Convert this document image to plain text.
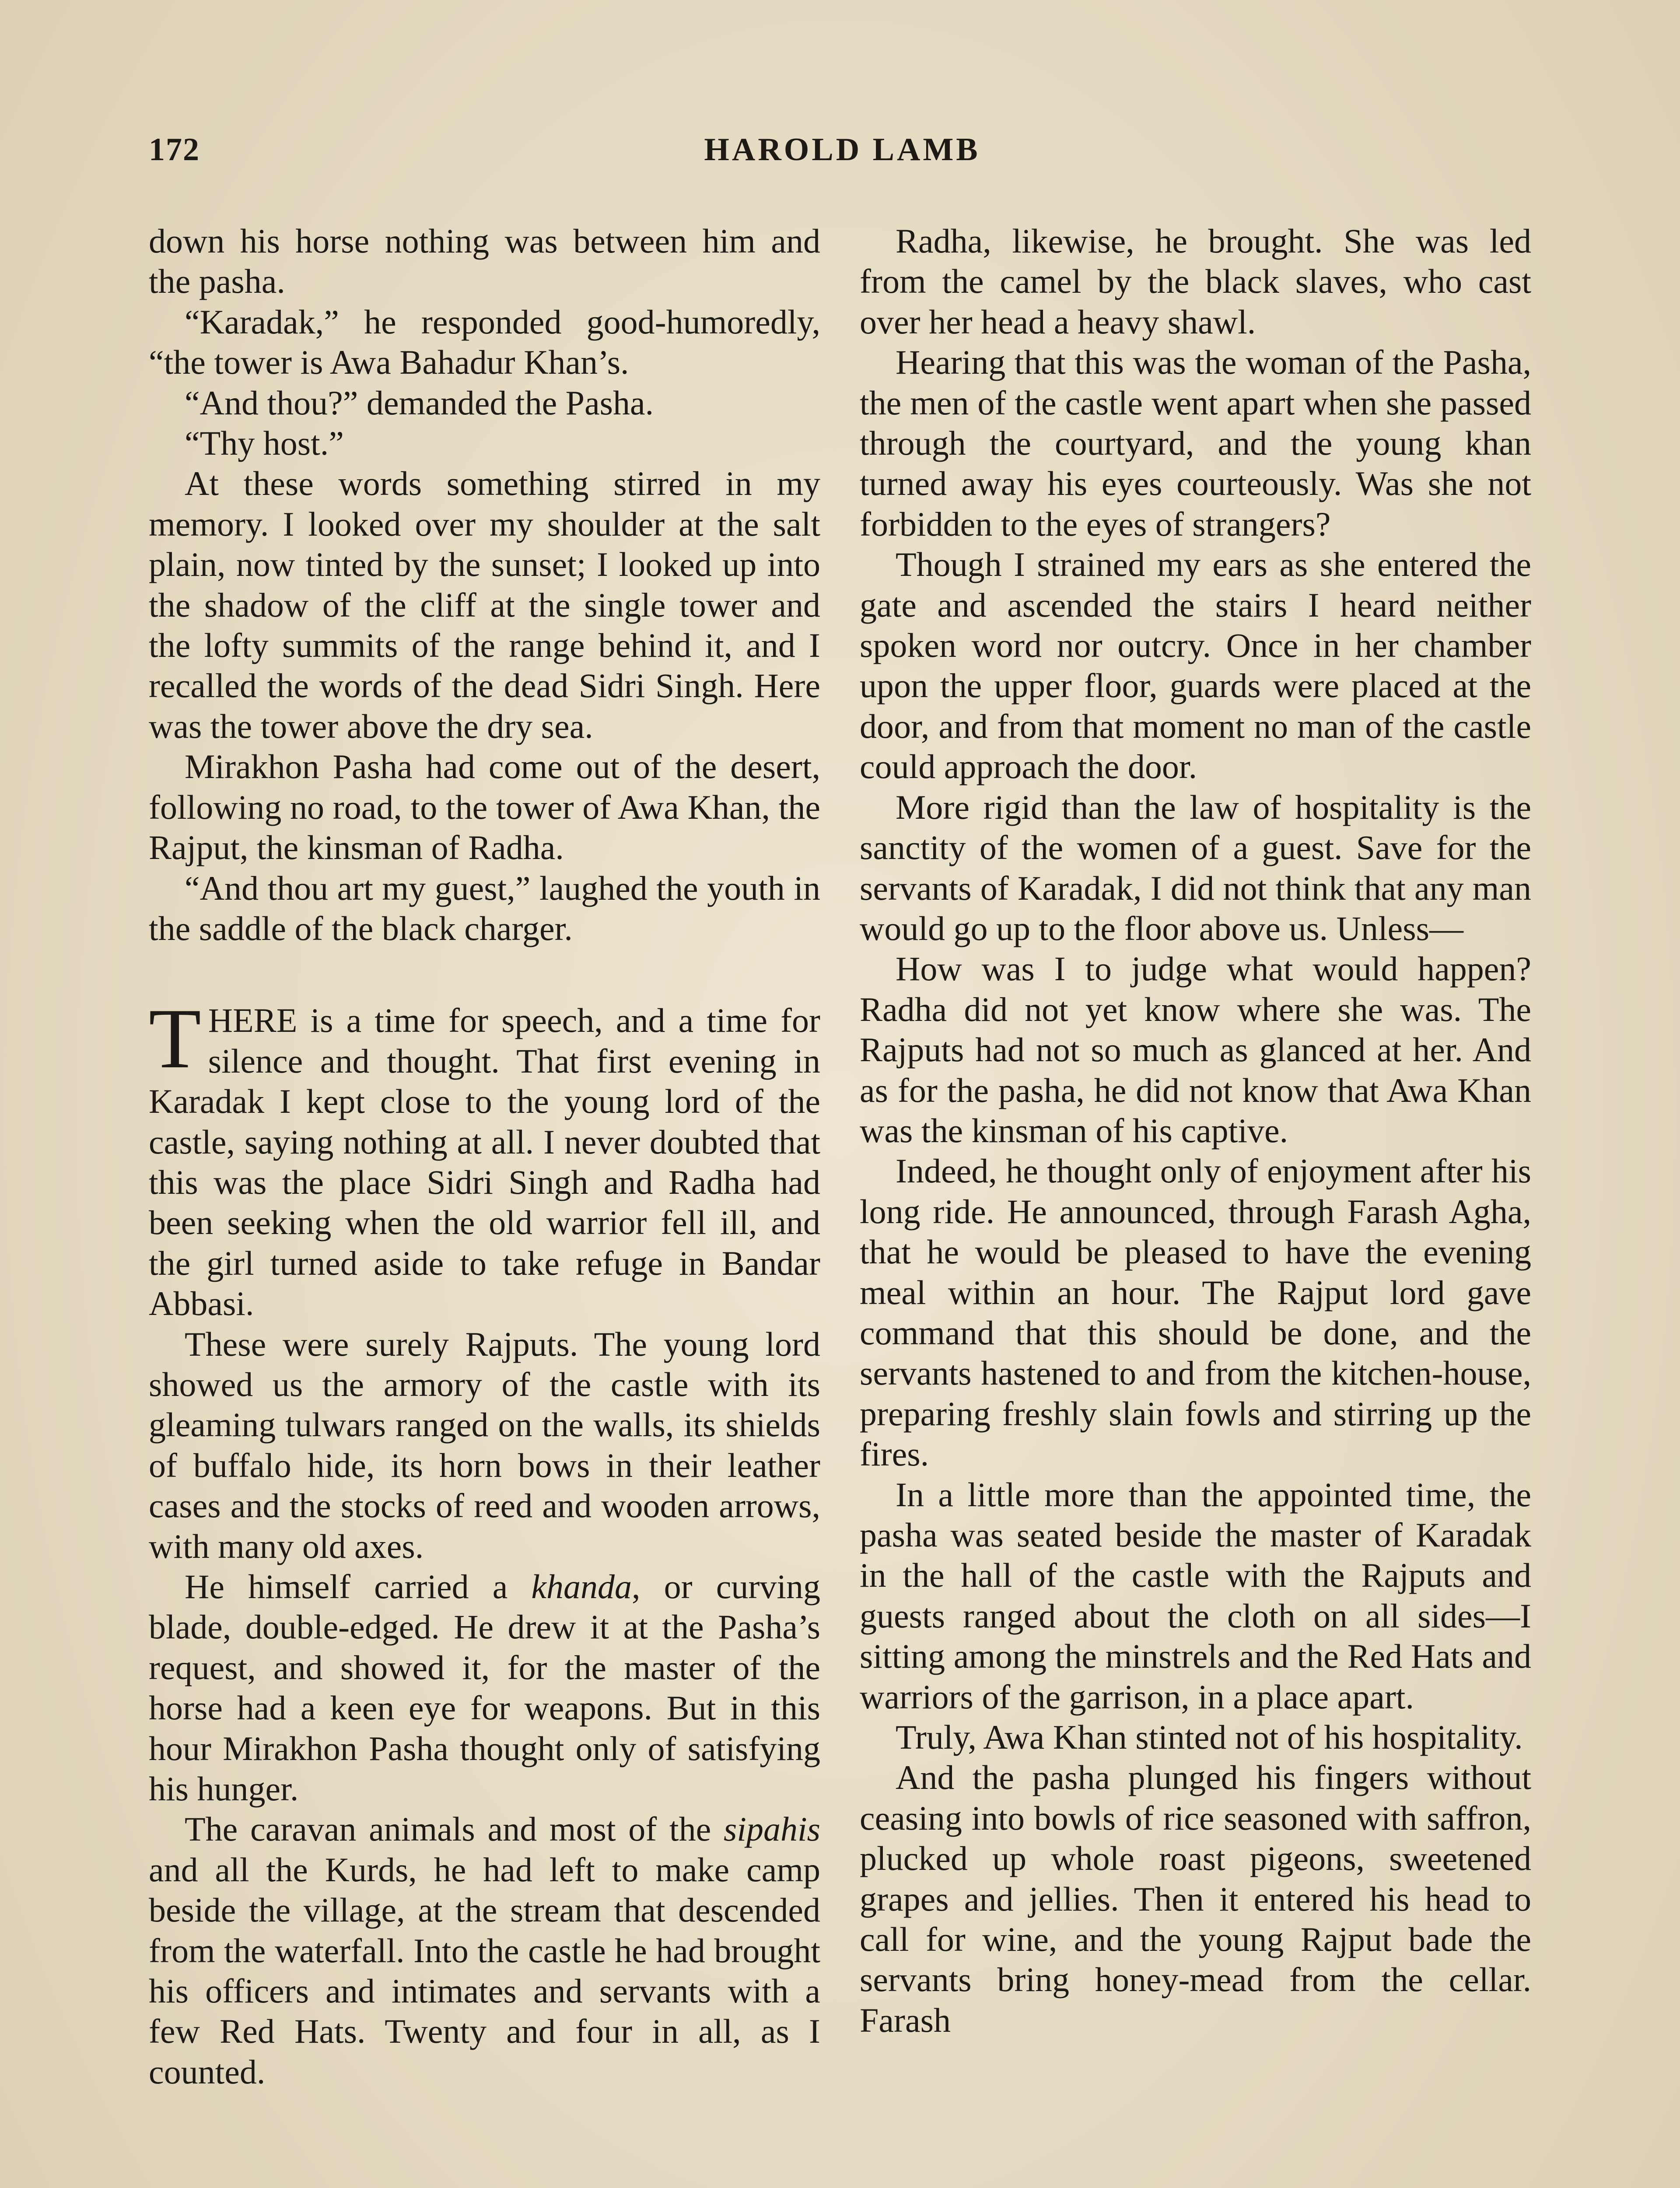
172	HAROLD LAMB

down his horse nothing was between him and the pasha.

“Karadak,” he responded good-humoredly, “the tower is Awa Bahadur Khan’s.

“And thou?” demanded the Pasha.

“Thy host.”

At these words something stirred in my memory. I looked over my shoulder at the salt plain, now tinted by the sunset; I looked up into the shadow of the cliff at the single tower and the lofty summits of the range behind it, and I recalled the words of the dead Sidri Singh. Here was the tower above the dry sea.

Mirakhon Pasha had come out of the desert, following no road, to the tower of Awa Khan, the Rajput, the kinsman of Radha.

“And thou art my guest,” laughed the youth in the saddle of the black charger.

THERE is a time for speech, and a time for silence and thought. That first evening in Karadak I kept close to the young lord of the castle, saying nothing at all. I never doubted that this was the place Sidri Singh and Radha had been seeking when the old warrior fell ill, and the girl turned aside to take refuge in Bandar Abbasi.

These were surely Rajputs. The young lord showed us the armory of the castle with its gleaming tulwars ranged on the walls, its shields of buffalo hide, its horn bows in their leather cases and the stocks of reed and wooden arrows, with many old axes.

He himself carried a khanda, or curving blade, double-edged. He drew it at the Pasha’s request, and showed it, for the master of the horse had a keen eye for weapons. But in this hour Mirakhon Pasha thought only of satisfying his hunger.

The caravan animals and most of the sipahis and all the Kurds, he had left to make camp beside the village, at the stream that descended from the waterfall. Into the castle he had brought his officers and intimates and servants with a few Red Hats. Twenty and four in all, as I counted.

Radha, likewise, he brought. She was led from the camel by the black slaves, who cast over her head a heavy shawl.

Hearing that this was the woman of the Pasha, the men of the castle went apart when she passed through the courtyard, and the young khan turned away his eyes courteously. Was she not forbidden to the eyes of strangers?

Though I strained my ears as she entered the gate and ascended the stairs I heard neither spoken word nor outcry. Once in her chamber upon the upper floor, guards were placed at the door, and from that moment no man of the castle could approach the door.

More rigid than the law of hospitality is the sanctity of the women of a guest. Save for the servants of Karadak, I did not think that any man would go up to the floor above us. Unless—

How was I to judge what would happen? Radha did not yet know where she was. The Rajputs had not so much as glanced at her. And as for the pasha, he did not know that Awa Khan was the kinsman of his captive.

Indeed, he thought only of enjoyment after his long ride. He announced, through Farash Agha, that he would be pleased to have the evening meal within an hour. The Rajput lord gave command that this should be done, and the servants hastened to and from the kitchen-house, preparing freshly slain fowls and stirring up the fires.

In a little more than the appointed time, the pasha was seated beside the master of Karadak in the hall of the castle with the Rajputs and guests ranged about the cloth on all sides—I sitting among the minstrels and the Red Hats and warriors of the garrison, in a place apart.

Truly, Awa Khan stinted not of his hospitality.

And the pasha plunged his fingers without ceasing into bowls of rice seasoned with saffron, plucked up whole roast pigeons, sweetened grapes and jellies. Then it entered his head to call for wine, and the young Rajput bade the servants bring honey-mead from the cellar. Farash
